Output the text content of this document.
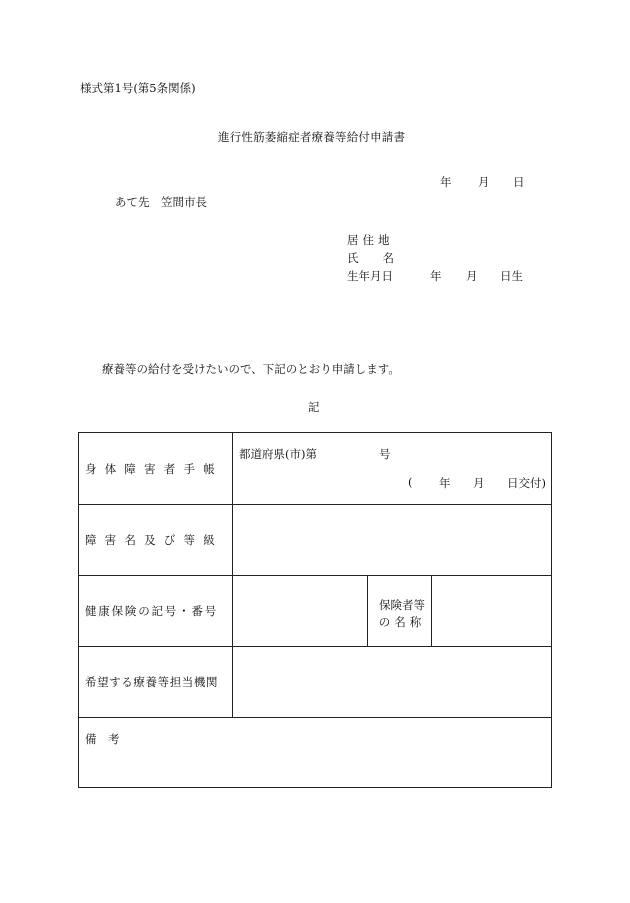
様式第1号(第5条関係)
進行性筋萎縮症者療養等給付申請書
年 月 日
あて先　笠間市長
居住地
氏 名
生年月日	年 月 日生
療養等の給付を受けたいので、下記のとおり申請します。
記
身体障害者手帳
都道府県(市)第	号
( 年 月 日交付)
障害名及び等級
健康保険の記号・番号	保険者等
の名称
希望する療養等担当機関
備　考
